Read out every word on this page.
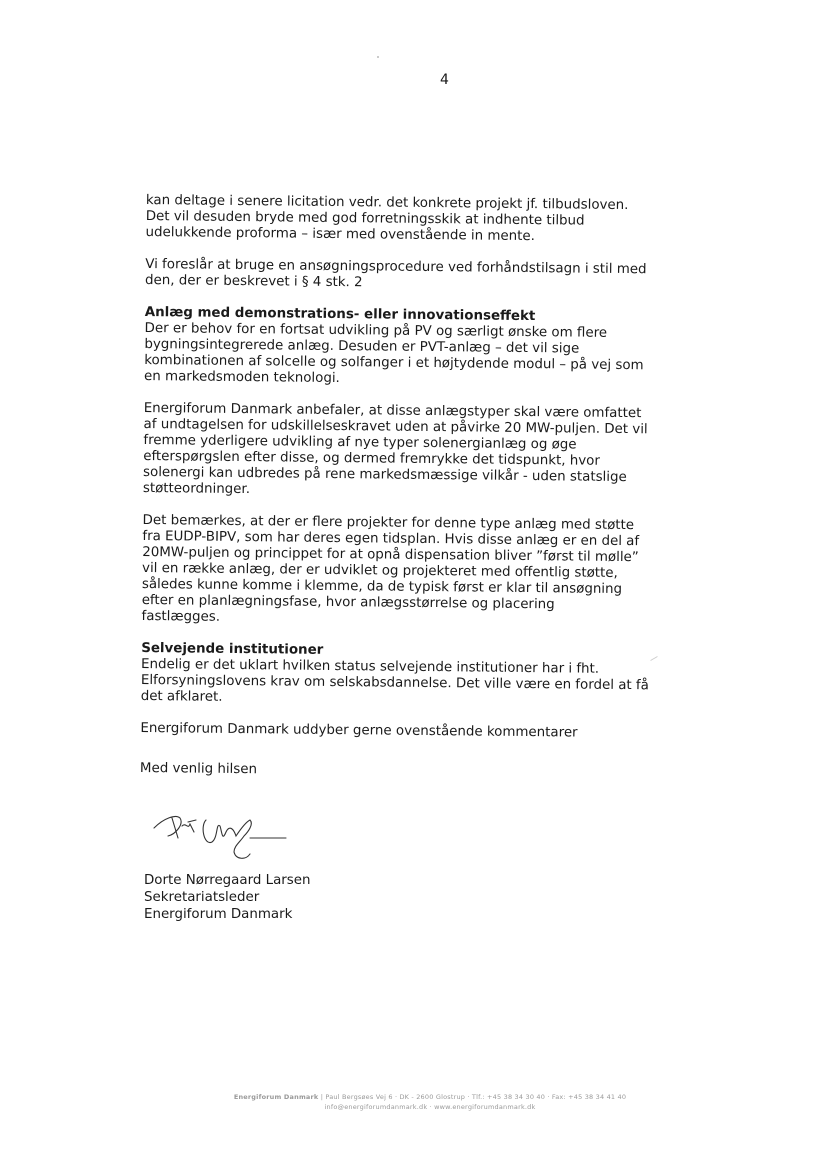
4

kan deltage i senere licitation vedr. det konkrete projekt jf. tilbudsloven.
Det vil desuden bryde med god forretningsskik at indhente tilbud
udelukkende proforma – især med ovenstående in mente.

Vi foreslår at bruge en ansøgningsprocedure ved forhåndstilsagn i stil med
den, der er beskrevet i § 4 stk. 2

Anlæg med demonstrations- eller innovationseffekt

Der er behov for en fortsat udvikling på PV og særligt ønske om flere
bygningsintegrerede anlæg. Desuden er PVT-anlæg – det vil sige
kombinationen af solcelle og solfanger i et højtydende modul – på vej som
en markedsmoden teknologi.

Energiforum Danmark anbefaler, at disse anlægstyper skal være omfattet
af undtagelsen for udskillelseskravet uden at påvirke 20 MW-puljen. Det vil
fremme yderligere udvikling af nye typer solenergianlæg og øge
efterspørgslen efter disse, og dermed fremrykke det tidspunkt, hvor
solenergi kan udbredes på rene markedsmæssige vilkår - uden statslige
støtteordninger.

Det bemærkes, at der er flere projekter for denne type anlæg med støtte
fra EUDP-BIPV, som har deres egen tidsplan. Hvis disse anlæg er en del af
20MW-puljen og princippet for at opnå dispensation bliver ”først til mølle”
vil en række anlæg, der er udviklet og projekteret med offentlig støtte,
således kunne komme i klemme, da de typisk først er klar til ansøgning
efter en planlægningsfase, hvor anlægsstørrelse og placering
fastlægges.

Selvejende institutioner

Endelig er det uklart hvilken status selvejende institutioner har i fht.
Elforsyningslovens krav om selskabsdannelse. Det ville være en fordel at få
det afklaret.

Energiforum Danmark uddyber gerne ovenstående kommentarer

Med venlig hilsen

Dorte Nørregaard Larsen
Sekretariatsleder
Energiforum Danmark
Energiforum Danmark | Paul Bergsøes Vej 6 · DK - 2600 Glostrup · Tlf.: +45 38 34 30 40 · Fax: +45 38 34 41 40
info@energiforumdanmark.dk · www.energiforumdanmark.dk
